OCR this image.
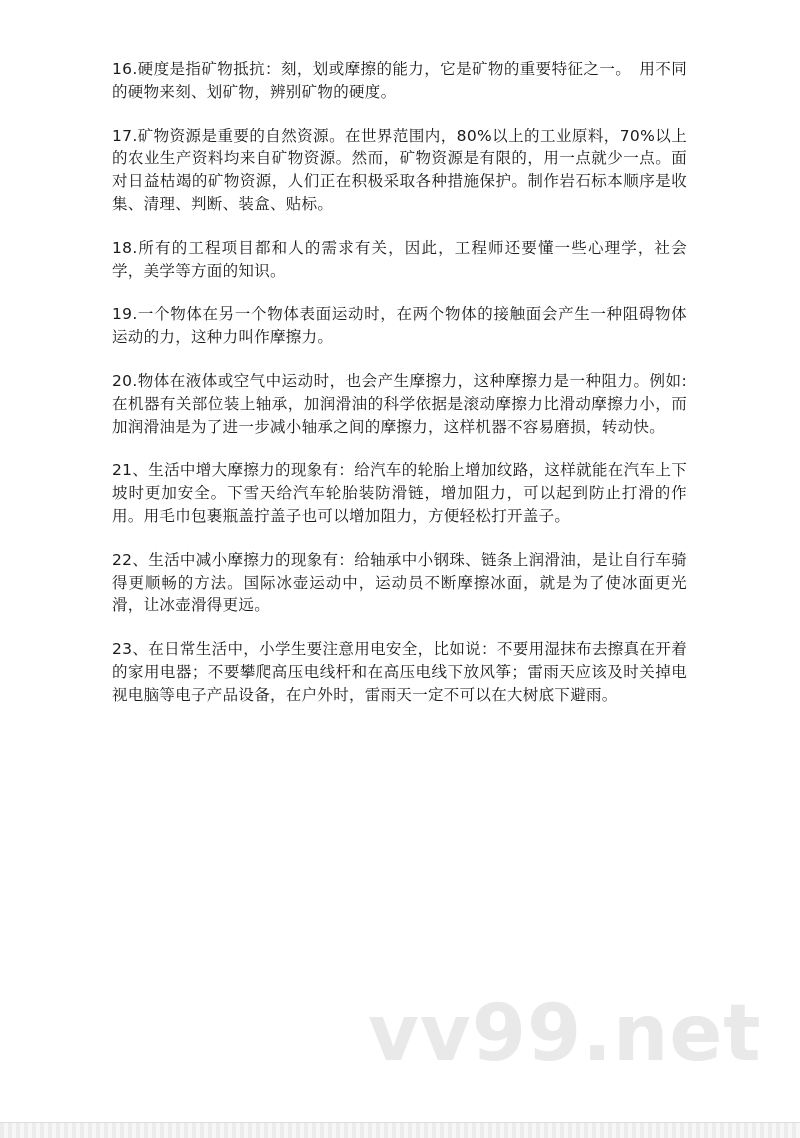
16.硬度是指矿物抵抗：刻，划或摩擦的能力，它是矿物的重要特征之一。　用不同的硬物来刻、划矿物，辨别矿物的硬度。

17.矿物资源是重要的自然资源。在世界范围内，80%以上的工业原料，70%以上的农业生产资料均来自矿物资源。然而，矿物资源是有限的，用一点就少一点。面对日益枯竭的矿物资源，人们正在积极采取各种措施保护。制作岩石标本顺序是收集、清理、判断、装盒、贴标。

18.所有的工程项目都和人的需求有关，因此，工程师还要懂一些心理学，社会学，美学等方面的知识。

19.一个物体在另一个物体表面运动时，在两个物体的接触面会产生一种阻碍物体运动的力，这种力叫作摩擦力。

20.物体在液体或空气中运动时，也会产生摩擦力，这种摩擦力是一种阻力。例如:在机器有关部位装上轴承，加润滑油的科学依据是滚动摩擦力比滑动摩擦力小，而加润滑油是为了进一步减小轴承之间的摩擦力，这样机器不容易磨损，转动快。

21、生活中增大摩擦力的现象有：给汽车的轮胎上增加纹路，这样就能在汽车上下坡时更加安全。下雪天给汽车轮胎装防滑链，增加阻力，可以起到防止打滑的作用。用毛巾包裹瓶盖拧盖子也可以增加阻力，方便轻松打开盖子。

22、生活中减小摩擦力的现象有：给轴承中小钢珠、链条上润滑油，是让自行车骑得更顺畅的方法。国际冰壶运动中，运动员不断摩擦冰面，就是为了使冰面更光滑，让冰壶滑得更远。

23、在日常生活中，小学生要注意用电安全，比如说：不要用湿抹布去擦真在开着的家用电器；不要攀爬高压电线杆和在高压电线下放风筝；雷雨天应该及时关掉电视电脑等电子产品设备，在户外时，雷雨天一定不可以在大树底下避雨。

vv99.net
